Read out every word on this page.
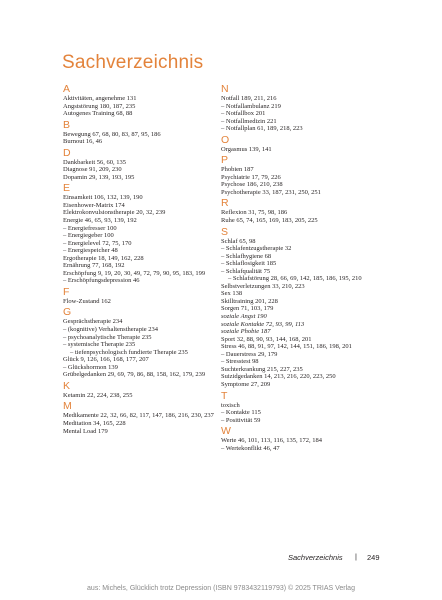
Sachverzeichnis
A
Aktivitäten, angenehme 131
Angststörung 180, 187, 235
Autogenes Training 68, 88
B
Bewegung 67, 68, 80, 83, 87, 95, 186
Burnout 16, 46
D
Dankbarkeit 56, 60, 135
Diagnose 91, 209, 230
Dopamin 29, 139, 193, 195
E
Einsamkeit 106, 132, 139, 190
Eisenhower-Matrix 174
Elektrokonvulsionstherapie 20, 32, 239
Energie 46, 65, 93, 139, 192
– Energiefresser 100
– Energiegeber 100
– Energielevel 72, 75, 170
– Energiespeicher 48
Ergotherapie 18, 149, 162, 228
Ernährung 77, 168, 192
Erschöpfung 9, 19, 20, 30, 49, 72, 79, 90, 95, 183, 199
– Erschöpfungsdepression 46
F
Flow-Zustand 162
G
Gesprächstherapie 234
– (kognitive) Verhaltenstherapie 234
– psychoanalytische Therapie 235
– systemische Therapie 235
– tiefenpsychologisch fundierte Therapie 235
Glück 9, 126, 166, 168, 177, 207
– Glückshormon 139
Grübelgedanken 29, 69, 79, 86, 88, 158, 162, 179, 239
K
Ketamin 22, 224, 238, 255
M
Medikamente 22, 32, 66, 82, 117, 147, 186, 216, 230, 237
Meditation 34, 165, 228
Mental Load 179
N
Notfall 189, 211, 216
– Notfallambulanz 219
– Notfallbox 201
– Notfallmedizin 221
– Notfallplan 61, 189, 218, 223
O
Orgasmus 139, 141
P
Phobien 187
Psychiatrie 17, 79, 226
Psychose 186, 210, 238
Psychotherapie 33, 187, 231, 250, 251
R
Reflexion 31, 75, 98, 186
Ruhe 65, 74, 165, 169, 183, 205, 225
S
Schlaf 65, 98
– Schlafentzugstherapie 32
– Schlafhygiene 68
– Schlaflosigkeit 185
– Schlafqualität 75
– Schlafstörung 28, 66, 69, 142, 185, 186, 195, 210
Selbstverletzungen 33, 210, 223
Sex 138
Skilltraining 201, 228
Sorgen 71, 103, 179
soziale Angst 190
soziale Kontakte 72, 93, 99, 113
soziale Phobie 187
Sport 32, 88, 90, 93, 144, 168, 201
Stress 46, 88, 91, 97, 142, 144, 151, 186, 198, 201
– Dauerstress 29, 179
– Stresstest 98
Suchterkrankung 215, 227, 235
Suizidgedanken 14, 213, 216, 220, 223, 250
Symptome 27, 209
T
toxisch
– Kontakte 115
– Positivität 59
W
Werte 46, 101, 113, 116, 135, 172, 184
– Wertekonflikt 46, 47
Sachverzeichnis | 249
aus: Michels, Glücklich trotz Depression (ISBN 9783432119793) © 2025 TRIAS Verlag
